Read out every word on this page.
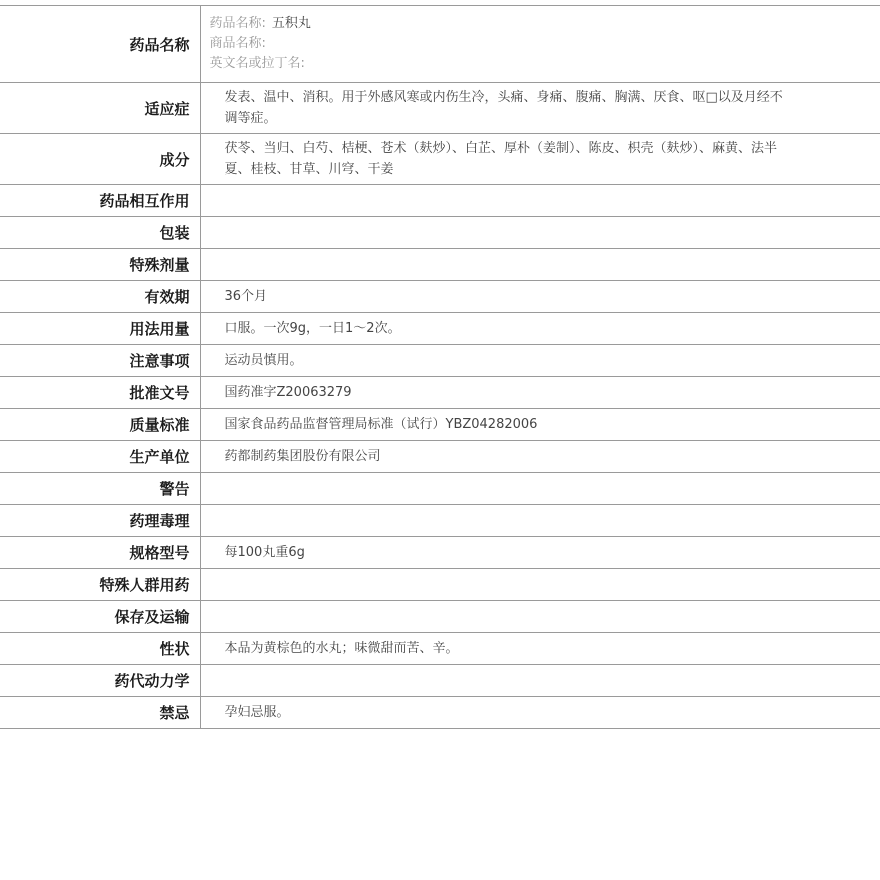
药品名称	药品名称: 五积丸
商品名称:
英文名或拉丁名:

适应症	发表、温中、消积。用于外感风寒或内伤生冷，头痛、身痛、腹痛、胸满、厌食、呕□以及月经不调等症。
成分	茯苓、当归、白芍、桔梗、苍术（麸炒）、白芷、厚朴（姜制）、陈皮、枳壳（麸炒）、麻黄、法半夏、桂枝、甘草、川穹、干姜
药品相互作用	
包装	
特殊剂量	
有效期	36个月
用法用量	口服。一次9g，一日1～2次。
注意事项	运动员慎用。
批准文号	国药准字Z20063279
质量标准	国家食品药品监督管理局标准（试行）YBZ04282006
生产单位	药都制药集团股份有限公司
警告	
药理毒理	
规格型号	每100丸重6g
特殊人群用药	
保存及运输	
性状	本品为黄棕色的水丸；味微甜而苦、辛。
药代动力学	
禁忌	孕妇忌服。
